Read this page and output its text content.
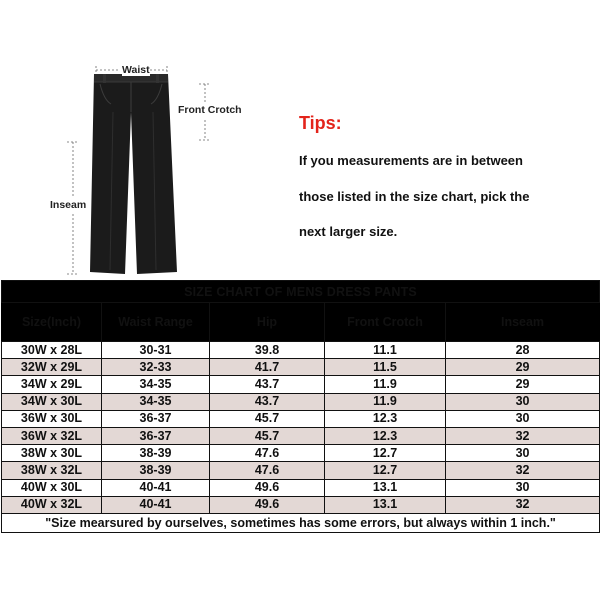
Waist
Front Crotch
Inseam
Tips:
If you measurements are in between
those listed in the size chart, pick the
next larger size.
SIZE CHART OF MENS DRESS PANTS				
Size(Inch)	Waist Range	Hip	Front Crotch	Inseam
30W x 28L	30-31	39.8	11.1	28
32W x 29L	32-33	41.7	11.5	29
34W x 29L	34-35	43.7	11.9	29
34W x 30L	34-35	43.7	11.9	30
36W x 30L	36-37	45.7	12.3	30
36W x 32L	36-37	45.7	12.3	32
38W x 30L	38-39	47.6	12.7	30
38W x 32L	38-39	47.6	12.7	32
40W x 30L	40-41	49.6	13.1	30
40W x 32L	40-41	49.6	13.1	32
"Size mearsured by ourselves, sometimes has some errors, but always within 1 inch."				
